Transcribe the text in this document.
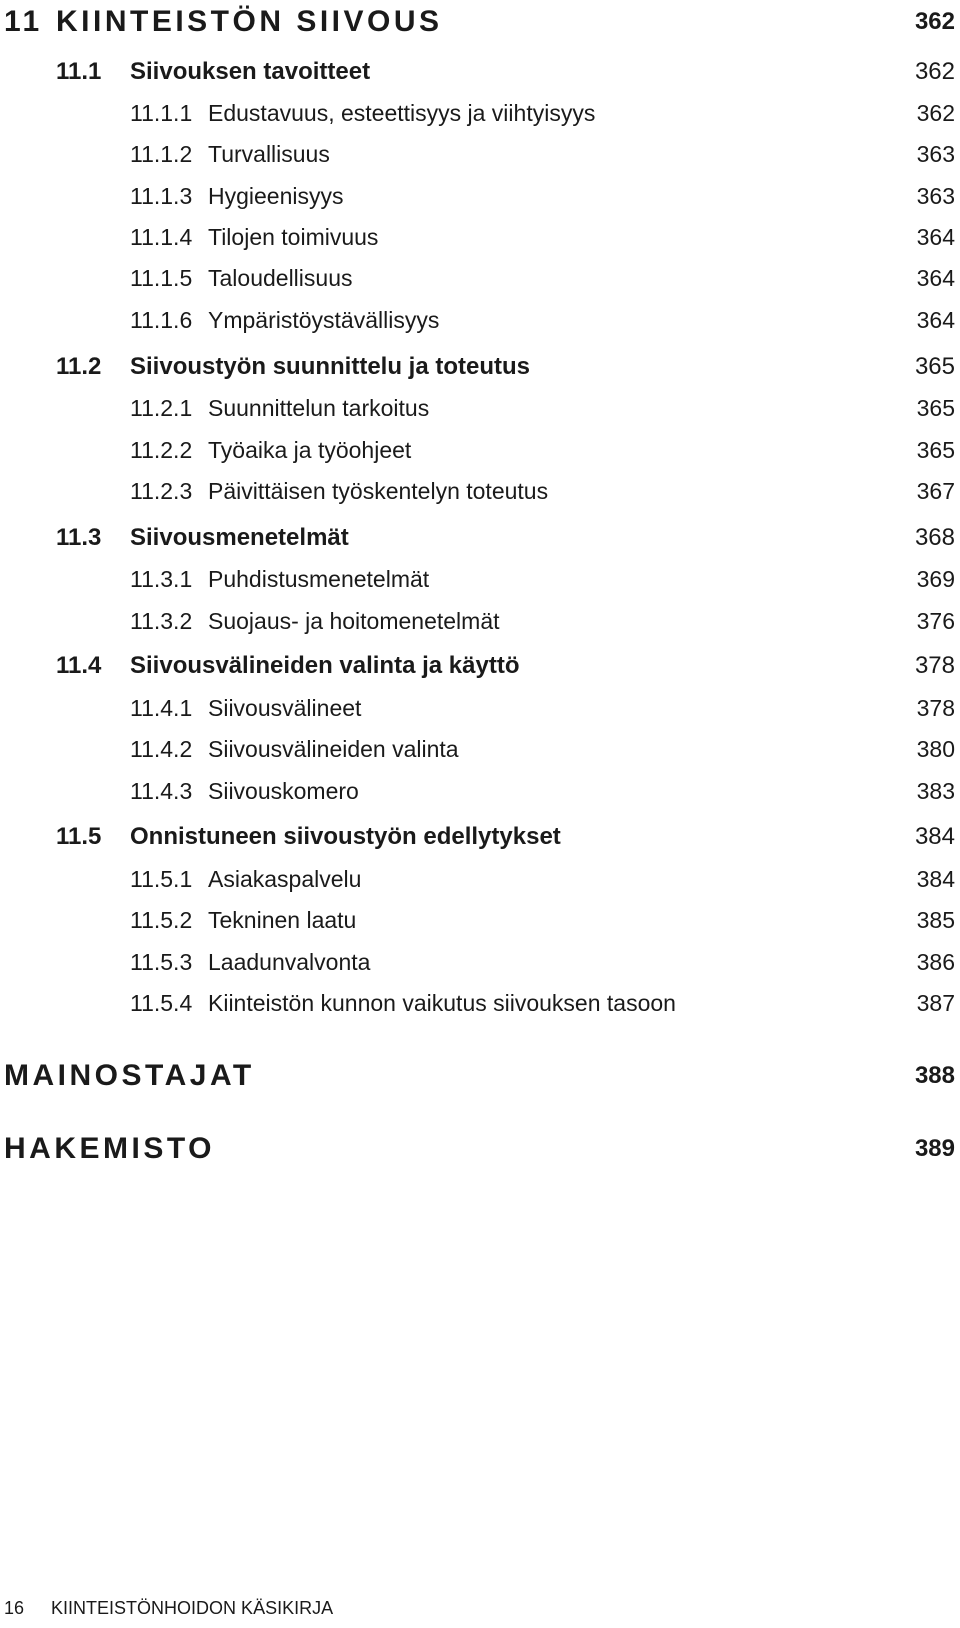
11 KIINTEISTÖN SIIVOUS	362
11.1 Siivouksen tavoitteet	362
11.1.1 Edustavuus, esteettisyys ja viihtyisyys	362
11.1.2 Turvallisuus	363
11.1.3 Hygieenisyys	363
11.1.4 Tilojen toimivuus	364
11.1.5 Taloudellisuus	364
11.1.6 Ympäristöystävällisyys	364
11.2 Siivoustyön suunnittelu ja toteutus	365
11.2.1 Suunnittelun tarkoitus	365
11.2.2 Työaika ja työohjeet	365
11.2.3 Päivittäisen työskentelyn toteutus	367
11.3 Siivousmenetelmät	368
11.3.1 Puhdistusmenetelmät	369
11.3.2 Suojaus- ja hoitomenetelmät	376
11.4 Siivousvälineiden valinta ja käyttö	378
11.4.1 Siivousvälineet	378
11.4.2 Siivousvälineiden valinta	380
11.4.3 Siivouskomero	383
11.5 Onnistuneen siivoustyön edellytykset	384
11.5.1 Asiakaspalvelu	384
11.5.2 Tekninen laatu	385
11.5.3 Laadunvalvonta	386
11.5.4 Kiinteistön kunnon vaikutus siivouksen tasoon	387
MAINOSTAJAT	388
HAKEMISTO	389
16 KIINTEISTÖNHOIDON KÄSIKIRJA
